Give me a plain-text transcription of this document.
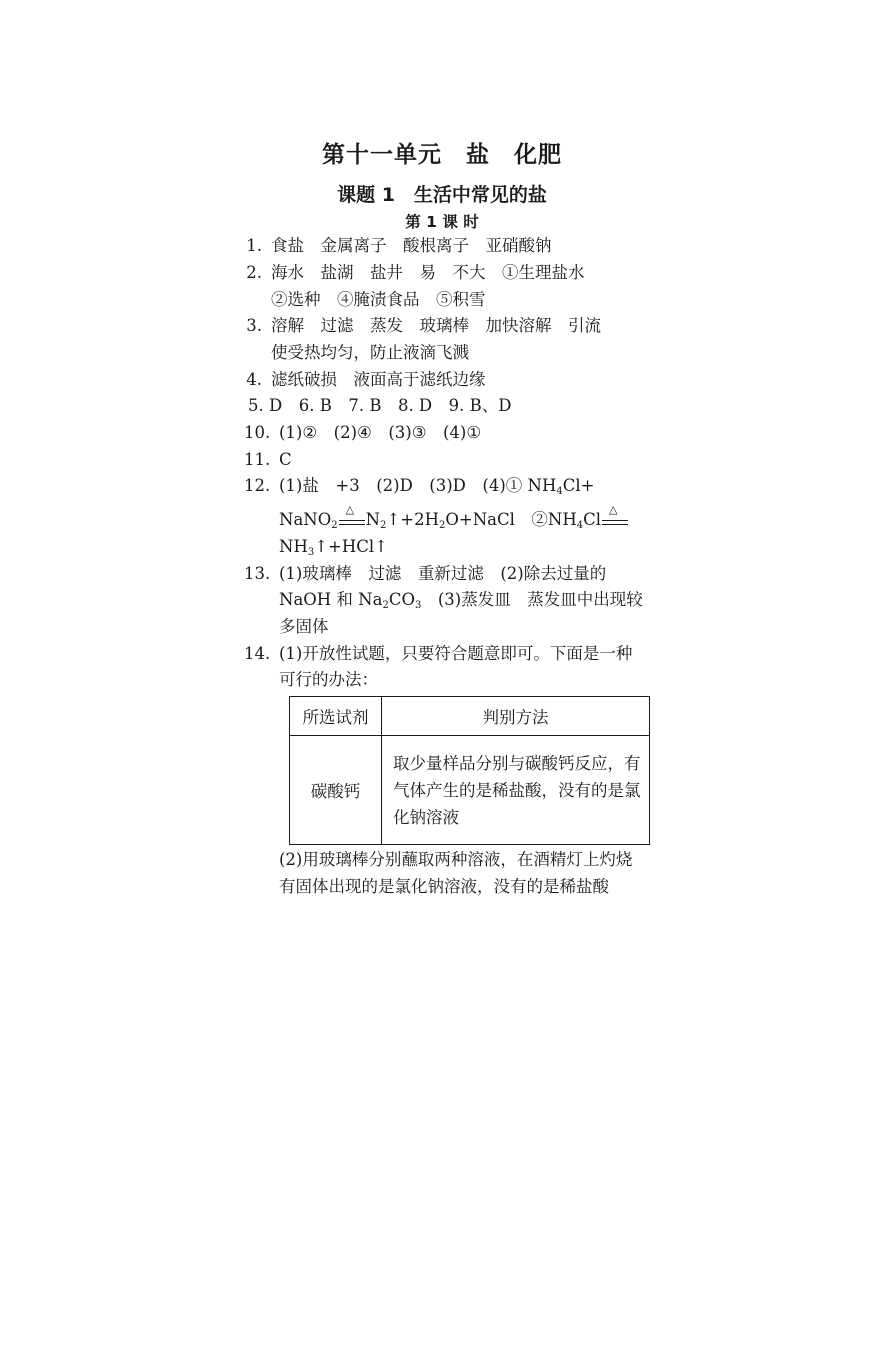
第十一单元　盐　化肥
课题 1　生活中常见的盐
第 1 课 时
1. 食盐　金属离子　酸根离子　亚硝酸钠
2. 海水　盐湖　盐井　易　不大　①生理盐水
②选种　④腌渍食品　⑤积雪
3. 溶解　过滤　蒸发　玻璃棒　加快溶解　引流
使受热均匀，防止液滴飞溅
4. 滤纸破损　液面高于滤纸边缘
5. D　6. B　7. B　8. D　9. B、D
10. (1)②　(2)④　(3)③　(4)①
11. C
12. (1)盐　+3　(2)D　(3)D　(4)① $NH_4Cl+$
NaNO$_2$
△
$N_2↑+2H_2O+NaCl$　$②NH_4Cl$
△
$NH_3↑+HCl↑$
13. (1)玻璃棒　过滤　重新过滤　(2)除去过量的
NaOH 和 $Na_2CO_3$　(3)蒸发皿　蒸发皿中出现较
多固体
14. (1)开放性试题，只要符合题意即可。下面是一种
可行的办法：
所选试剂	判别方法
碳酸钙	取少量样品分别与碳酸钙反应，有气体产生的是稀盐酸，没有的是氯化钠溶液
(2)用玻璃棒分别蘸取两种溶液，在酒精灯上灼烧
有固体出现的是氯化钠溶液，没有的是稀盐酸
